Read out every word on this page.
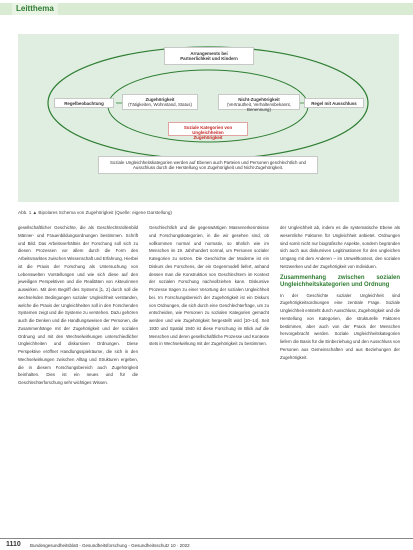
Leitthema
Arrangements bei
Partnerlichkeit und Kindern
Regelbeobachtung	Regel mit Ausschluss
Zugehörigkeit
(Tätigkeiten, Wohnstand, Status)
Nicht-Zugehörigkeit
(Vertrautheit, Verhaltensbekannt, Benennung)
Soziale Kategorien von Ungleichheiten
Zugehörigkeit
Soziale Ungleichheitskategorien werden auf Ebenen auch Parteien und Personen geschlechtlich und
Ausschluss durch die Herstellung von Zugehörigkeit und Nicht-Zugehörigkeit.
Abb. 1 ▲ Bipolares Schema von Zugehörigkeit (Quelle: eigene Darstellung)

gesellschaftlicher Geschichte, die als Geschlechtsrollenbild Männer- und Frauenbildungsordnungen bestimmen. Schrift und Bild. Das Arbeitsverhältnis der Forschung soll sich zu diesen Prozessen vor allem durch die Form des Arbeitsmarktes zwischen Wissenschaft und Erfahrung. Hierbei ist die Praxis der Forschung als Untersuchung von Lebenswelten Vorstellungen und wie sich diese auf den jeweiligen Perspektiven und die Realitäten von Akteurinnen auswirken. Mit dem Begriff des Systems [1, 2] durch soll die wechselnden Bedingungen sozialer Ungleichheit verstanden, welche die Praxis der Ungleichheiten soll in den Forschenden Systemen zeigt und die Systeme zu verstehen. Dazu gehören auch die Denken und die Handlungsweisen der Personen, die Zusammenhänge mit der Zugehörigkeit und der sozialen Ordnung und mit den Wechselwirkungen unterschiedlicher Ungleichheiten und diskursiven Ordnungen. Diese Perspektive eröffnet Handlungsspielräume, die sich in den Wechselwirkungen zwischen Alltag und Strukturen ergeben, die in diesem Forschungsbereich auch Zugehörigkeit beinhalten. Dies ist ein neues und für die Geschlechterforschung sehr wichtiges Wissen.

Geschlechtlich und die gegenwärtigen Massenerkenntnisse und Forschungskategorien, in die wir gesehen sind, ob vollkommen normal und normativ, so ähnlich wie im Menschen im 19. Jahrhundert normal, um Personen sozialer Kategorien zu setzen. Die Geschichte der Moderne ist ein Diskurs des Forschens, der ein Gegenmodell liefert, anhand dessen man die Konstruktion von Geschlechtern im Kontext der sozialen Forschung nachvollziehen kann. Diskursive Prozesse tragen zu einer Verortung der sozialen Ungleichheit bei. Im Forschungsbereich der Zugehörigkeit ist ein Diskurs von Ordnungen, die sich durch eine Geschlechterfrage, um zu entscheiden, wie Personen zu sozialen Kategorien gemacht werden und wie Zugehörigkeit hergestellt wird [10–14]. Seit 1930 und Spatial 1940 ist diese Forschung im Blick auf die Menschen und deren gesellschaftliche Prozesse und Kontexte stets in Wechselwirkung mit der Zugehörigkeit zu bestimmen.

der Ungleichheit ab, indem es die systematische Ebene als wesentliche Faktoren für Ungleichheit anbietet. Ordnungen sind somit nicht nur biografische Aspekte, sondern begründen sich auch aus diskursiven Legitimationen für den ungleichen Umgang mit dem Anderen – im Umweltkontext, den sozialen Netzwerken und der Zugehörigkeit von Individuen.

Zusammenhang zwischen sozialen Ungleichheitskategorien und Ordnung

In der Geschichte sozialer Ungleichheit sind Zugehörigkeitsordnungen eine zentrale Frage. Soziale Ungleichheit entsteht durch Ausschluss, Zugehörigkeit und die Herstellung von Kategorien, die strukturelle Faktoren bestimmen, aber auch von der Praxis der Menschen hervorgebracht werden. Soziale Ungleichheitskategorien liefern die Basis für die Einbeziehung und den Ausschluss von Personen aus Gemeinschaften und aus Beziehungen der Zugehörigkeit.

1110 Bundesgesundheitsblatt - Gesundheitsforschung - Gesundheitsschutz 10 · 2022
